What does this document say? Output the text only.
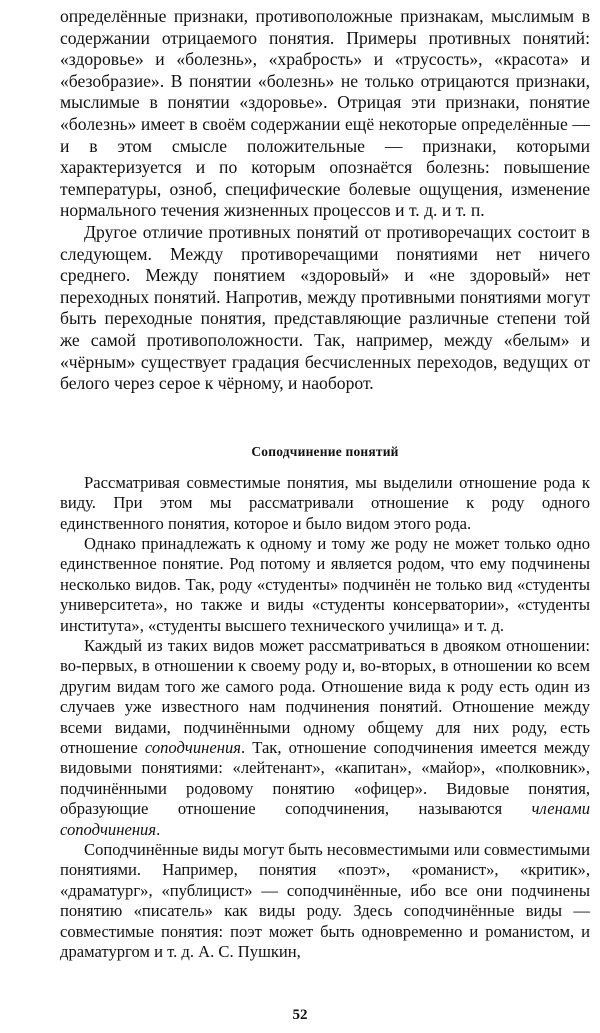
определённые признаки, противоположные признакам, мыслимым в содержании отрицаемого понятия. Примеры противных понятий: «здоровье» и «болезнь», «храбрость» и «трусость», «красота» и «безобразие». В понятии «болезнь» не только отрицаются признаки, мыслимые в понятии «здоровье». Отрицая эти признаки, понятие «болезнь» имеет в своём содержании ещё некоторые определённые — и в этом смысле положительные — признаки, которыми характеризуется и по которым опознаётся болезнь: повышение температуры, озноб, специфические болевые ощущения, изменение нормального течения жизненных процессов и т. д. и т. п.

Другое отличие противных понятий от противоречащих состоит в следующем. Между противоречащими понятиями нет ничего среднего. Между понятием «здоровый» и «не здоровый» нет переходных понятий. Напротив, между противными понятиями могут быть переходные понятия, представляющие различные степени той же самой противоположности. Так, например, между «белым» и «чёрным» существует градация бесчисленных переходов, ведущих от белого через серое к чёрному, и наоборот.

Соподчинение понятий

Рассматривая совместимые понятия, мы выделили отношение рода к виду. При этом мы рассматривали отношение к роду одного единственного понятия, которое и было видом этого рода.

Однако принадлежать к одному и тому же роду не может только одно единственное понятие. Род потому и является родом, что ему подчинены несколько видов. Так, роду «студенты» подчинён не только вид «студенты университета», но также и виды «студенты консерватории», «студенты института», «студенты высшего технического училища» и т. д.

Каждый из таких видов может рассматриваться в двояком отношении: во-первых, в отношении к своему роду и, во-вторых, в отношении ко всем другим видам того же самого рода. Отношение вида к роду есть один из случаев уже известного нам подчинения понятий. Отношение между всеми видами, подчинёнными одному общему для них роду, есть отношение соподчинения. Так, отношение соподчинения имеется между видовыми понятиями: «лейтенант», «капитан», «майор», «полковник», подчинёнными родовому понятию «офицер». Видовые понятия, образующие отношение соподчинения, называются членами соподчинения.

Соподчинённые виды могут быть несовместимыми или совместимыми понятиями. Например, понятия «поэт», «романист», «критик», «драматург», «публицист» — соподчинённые, ибо все они подчинены понятию «писатель» как виды роду. Здесь соподчинённые виды — совместимые понятия: поэт может быть одновременно и романистом, и драматургом и т. д. А. С. Пушкин,

52
